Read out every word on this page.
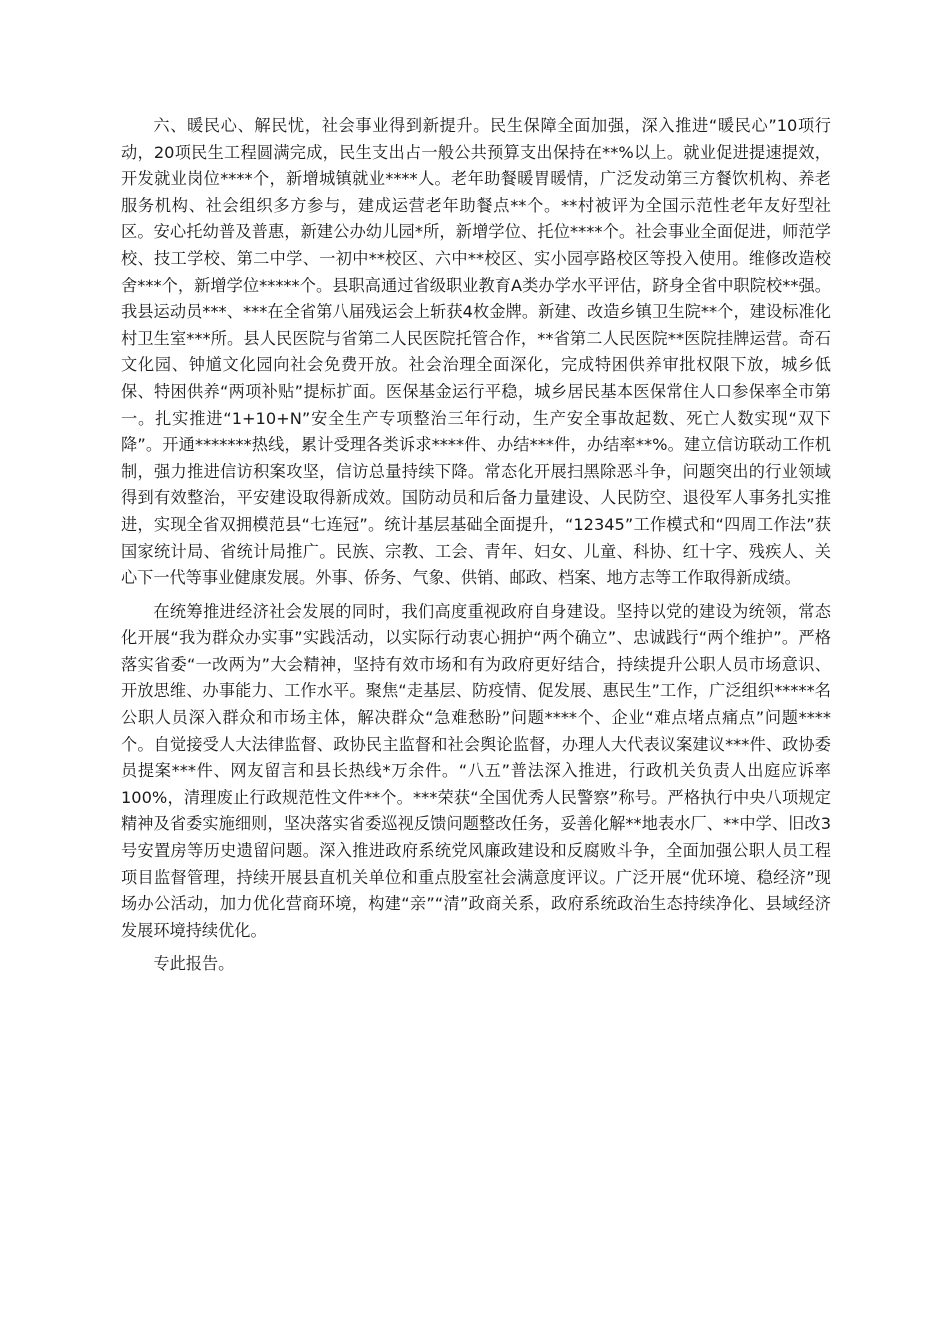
六、暖民心、解民忧，社会事业得到新提升。民生保障全面加强，深入推进“暖民心”10项行动，20项民生工程圆满完成，民生支出占一般公共预算支出保持在**%以上。就业促进提速提效，开发就业岗位****个，新增城镇就业****人。老年助餐暖胃暖情，广泛发动第三方餐饮机构、养老服务机构、社会组织多方参与，建成运营老年助餐点**个。**村被评为全国示范性老年友好型社区。安心托幼普及普惠，新建公办幼儿园*所，新增学位、托位****个。社会事业全面促进，师范学校、技工学校、第二中学、一初中**校区、六中**校区、实小园亭路校区等投入使用。维修改造校舍***个，新增学位*****个。县职高通过省级职业教育A类办学水平评估，跻身全省中职院校**强。我县运动员***、***在全省第八届残运会上斩获4枚金牌。新建、改造乡镇卫生院**个，建设标准化村卫生室***所。县人民医院与省第二人民医院托管合作，**省第二人民医院**医院挂牌运营。奇石文化园、钟馗文化园向社会免费开放。社会治理全面深化，完成特困供养审批权限下放，城乡低保、特困供养“两项补贴”提标扩面。医保基金运行平稳，城乡居民基本医保常住人口参保率全市第一。扎实推进“1+10+N”安全生产专项整治三年行动，生产安全事故起数、死亡人数实现“双下降”。开通*******热线，累计受理各类诉求****件、办结***件，办结率**%。建立信访联动工作机制，强力推进信访积案攻坚，信访总量持续下降。常态化开展扫黑除恶斗争，问题突出的行业领域得到有效整治，平安建设取得新成效。国防动员和后备力量建设、人民防空、退役军人事务扎实推进，实现全省双拥模范县“七连冠”。统计基层基础全面提升，“12345”工作模式和“四周工作法”获国家统计局、省统计局推广。民族、宗教、工会、青年、妇女、儿童、科协、红十字、残疾人、关心下一代等事业健康发展。外事、侨务、气象、供销、邮政、档案、地方志等工作取得新成绩。

在统筹推进经济社会发展的同时，我们高度重视政府自身建设。坚持以党的建设为统领，常态化开展“我为群众办实事”实践活动，以实际行动衷心拥护“两个确立”、忠诚践行“两个维护”。严格落实省委“一改两为”大会精神，坚持有效市场和有为政府更好结合，持续提升公职人员市场意识、开放思维、办事能力、工作水平。聚焦“走基层、防疫情、促发展、惠民生”工作，广泛组织*****名公职人员深入群众和市场主体，解决群众“急难愁盼”问题****个、企业“难点堵点痛点”问题****个。自觉接受人大法律监督、政协民主监督和社会舆论监督，办理人大代表议案建议***件、政协委员提案***件、网友留言和县长热线*万余件。“八五”普法深入推进，行政机关负责人出庭应诉率100%，清理废止行政规范性文件**个。***荣获“全国优秀人民警察”称号。严格执行中央八项规定精神及省委实施细则，坚决落实省委巡视反馈问题整改任务，妥善化解**地表水厂、**中学、旧改3号安置房等历史遗留问题。深入推进政府系统党风廉政建设和反腐败斗争，全面加强公职人员工程项目监督管理，持续开展县直机关单位和重点股室社会满意度评议。广泛开展“优环境、稳经济”现场办公活动，加力优化营商环境，构建“亲”“清”政商关系，政府系统政治生态持续净化、县域经济发展环境持续优化。

专此报告。
